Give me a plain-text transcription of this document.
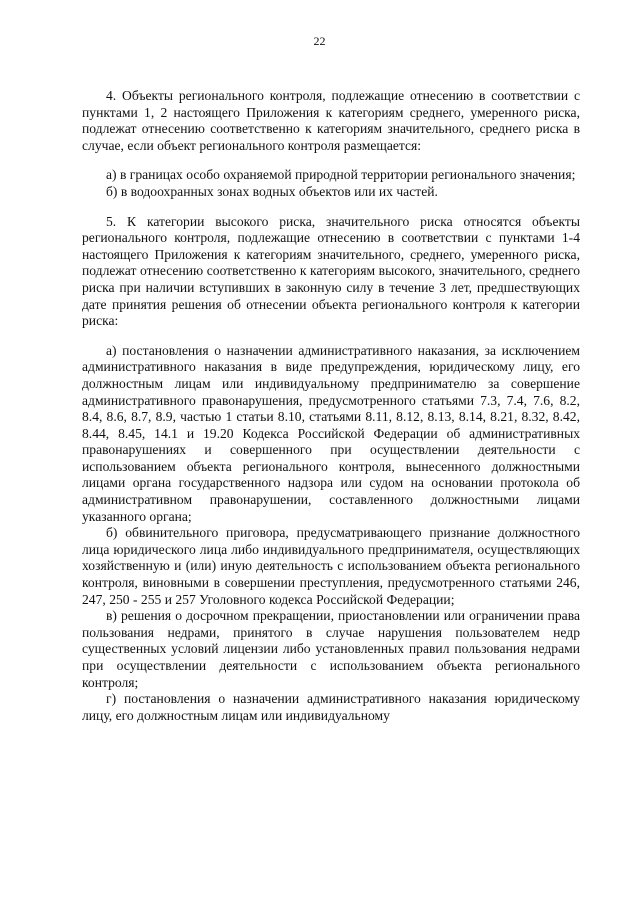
22

4. Объекты регионального контроля, подлежащие отнесению в соответствии с пунктами 1, 2 настоящего Приложения к категориям среднего, умеренного риска, подлежат отнесению соответственно к категориям значительного, среднего риска в случае, если объект регионального контроля размещается:

а) в границах особо охраняемой природной территории регионального значения;

б) в водоохранных зонах водных объектов или их частей.

5. К категории высокого риска, значительного риска относятся объекты регионального контроля, подлежащие отнесению в соответствии с пунктами 1-4 настоящего Приложения к категориям значительного, среднего, умеренного риска, подлежат отнесению соответственно к категориям высокого, значительного, среднего риска при наличии вступивших в законную силу в течение 3 лет, предшествующих дате принятия решения об отнесении объекта регионального контроля к категории риска:

а) постановления о назначении административного наказания, за исключением административного наказания в виде предупреждения, юридическому лицу, его должностным лицам или индивидуальному предпринимателю за совершение административного правонарушения, предусмотренного статьями 7.3, 7.4, 7.6, 8.2, 8.4, 8.6, 8.7, 8.9, частью 1 статьи 8.10, статьями 8.11, 8.12, 8.13, 8.14, 8.21, 8.32, 8.42, 8.44, 8.45, 14.1 и 19.20 Кодекса Российской Федерации об административных правонарушениях и совершенного при осуществлении деятельности с использованием объекта регионального контроля, вынесенного должностными лицами органа государственного надзора или судом на основании протокола об административном правонарушении, составленного должностными лицами указанного органа;

б) обвинительного приговора, предусматривающего признание должностного лица юридического лица либо индивидуального предпринимателя, осуществляющих хозяйственную и (или) иную деятельность с использованием объекта регионального контроля, виновными в совершении преступления, предусмотренного статьями 246, 247, 250 - 255 и 257 Уголовного кодекса Российской Федерации;

в) решения о досрочном прекращении, приостановлении или ограничении права пользования недрами, принятого в случае нарушения пользователем недр существенных условий лицензии либо установленных правил пользования недрами при осуществлении деятельности с использованием объекта регионального контроля;

г) постановления о назначении административного наказания юридическому лицу, его должностным лицам или индивидуальному
